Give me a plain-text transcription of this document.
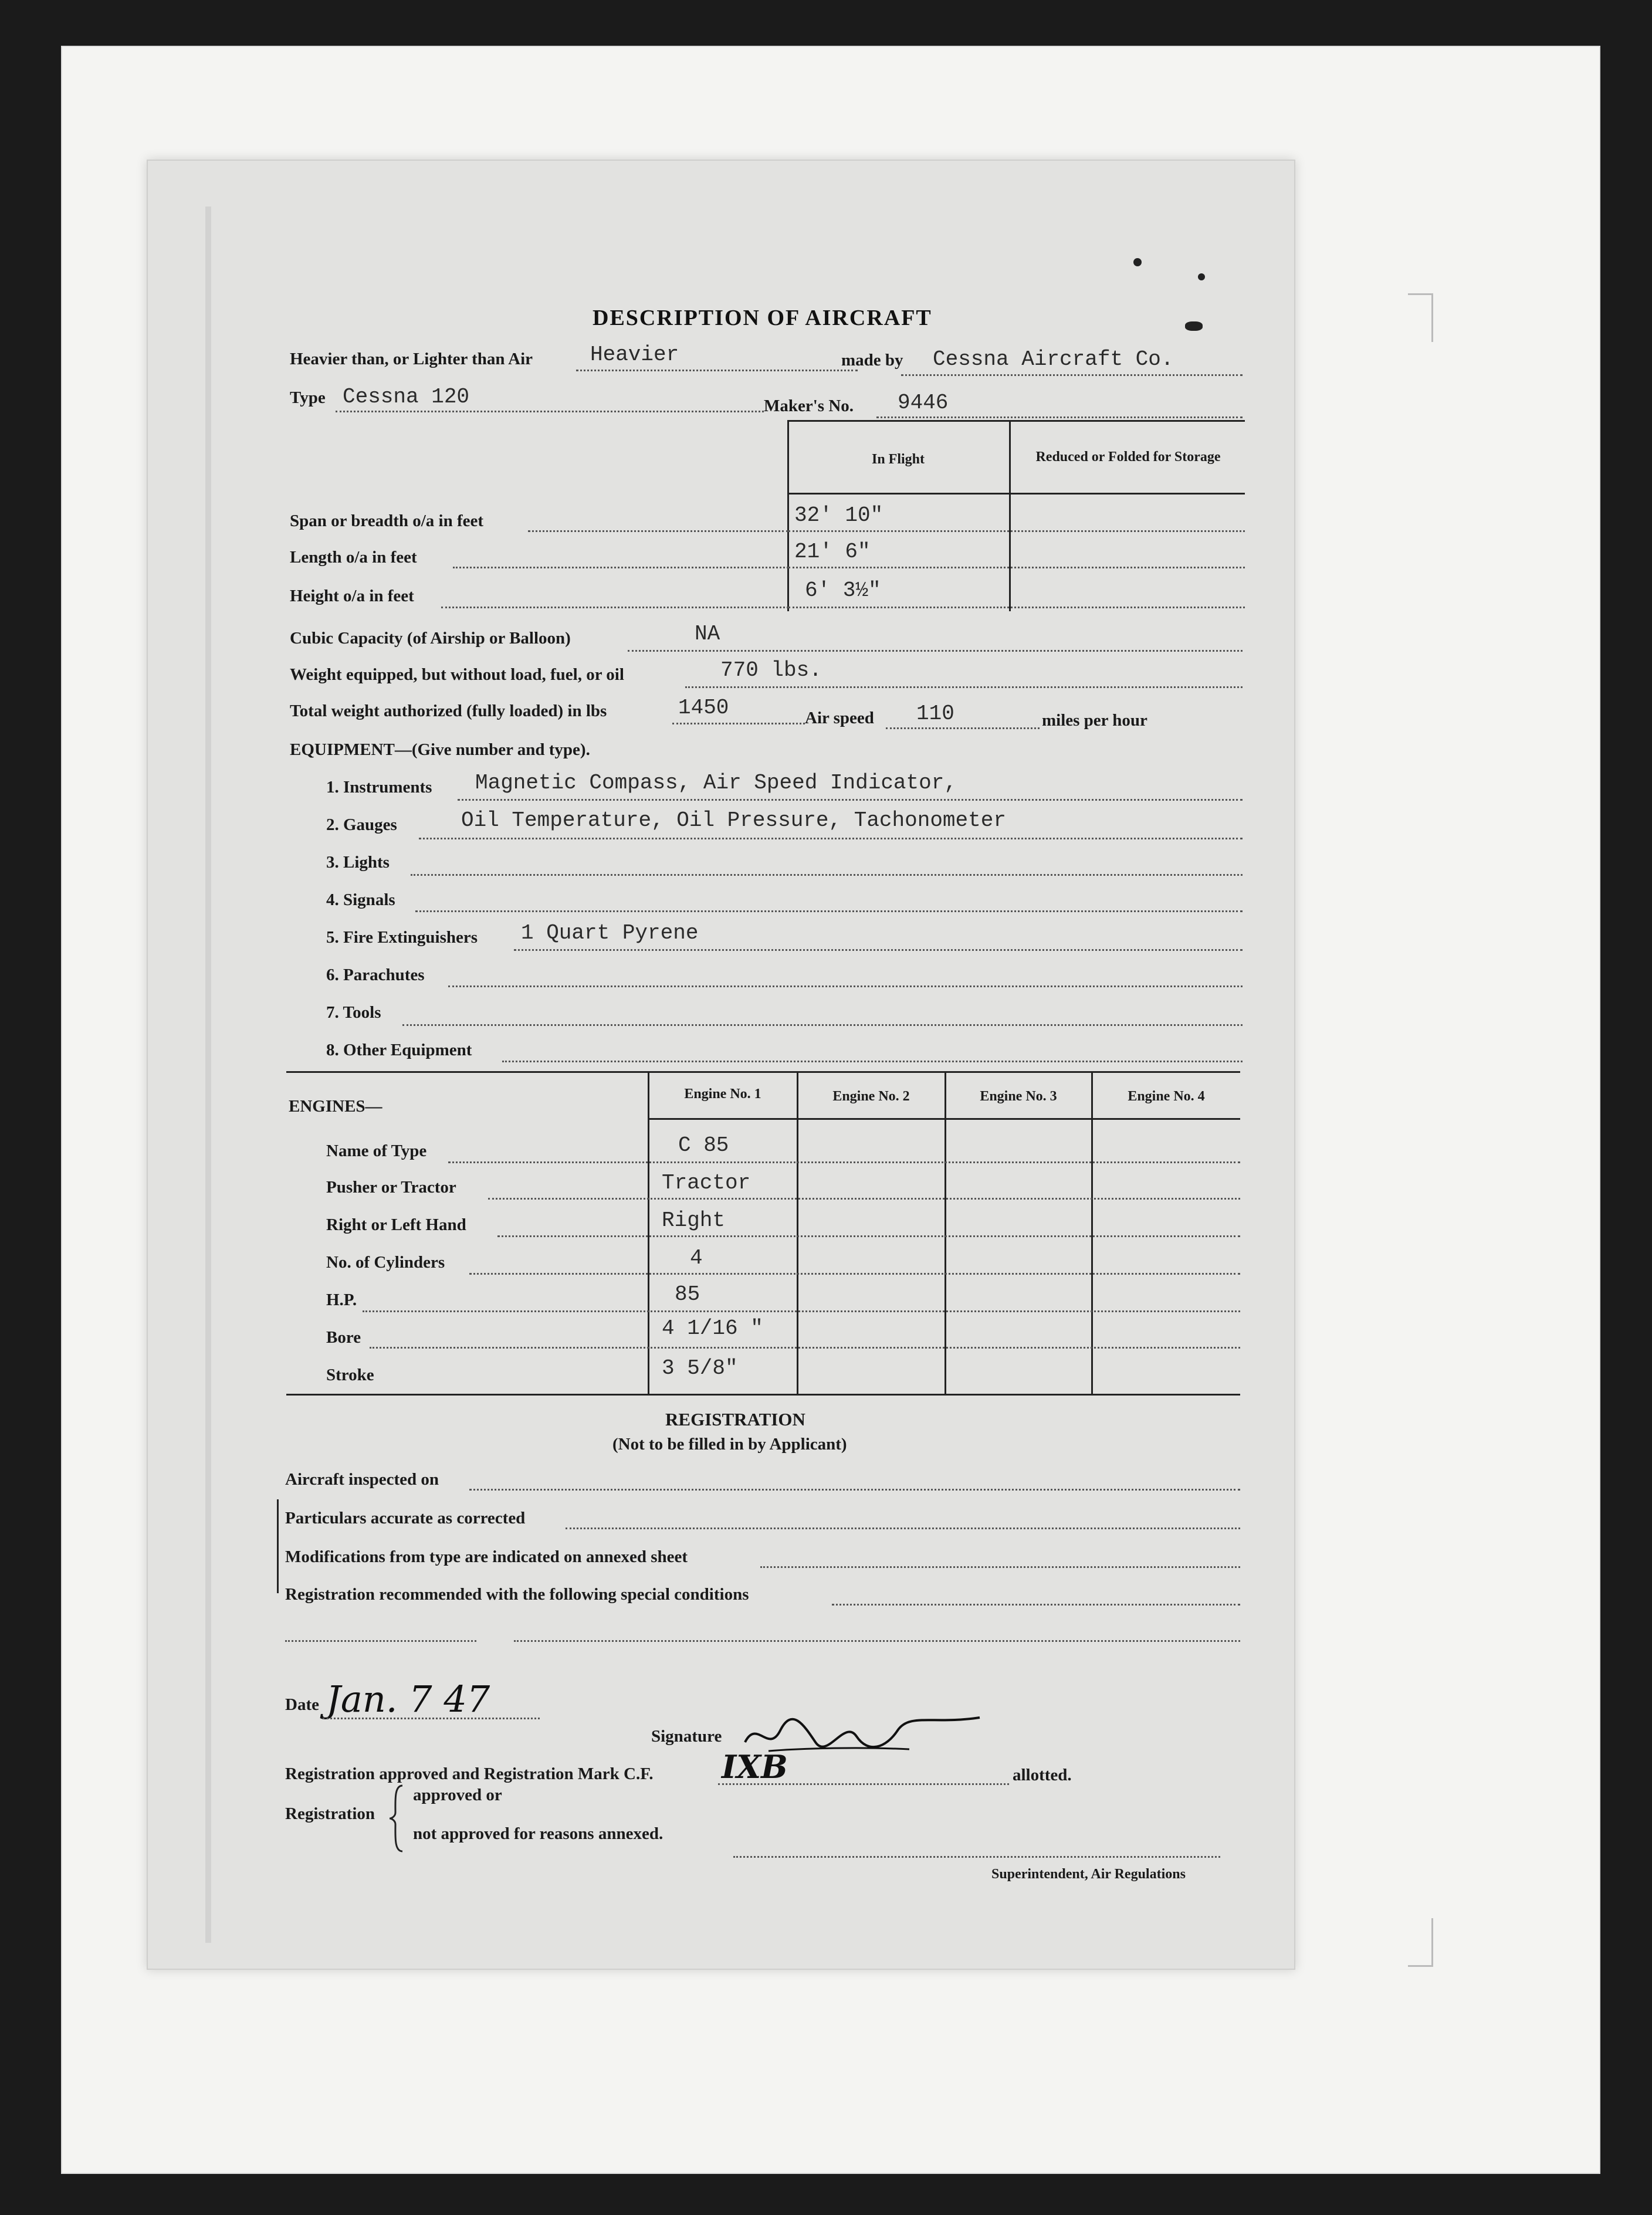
DESCRIPTION OF AIRCRAFT
Heavier than, or Lighter than Air	Heavier	made by Cessna Aircraft Co.
Type Cessna 120	Maker's No. 9446
In Flight	Reduced or Folded for Storage
Span or breadth o/a in feet	32' 10"
Length o/a in feet	21' 6"
Height o/a in feet	6' 3½"
Cubic Capacity (of Airship or Balloon)	NA
Weight equipped, but without load, fuel, or oil	770 lbs.
Total weight authorized (fully loaded) in lbs	1450	Air speed 110	miles per hour
EQUIPMENT—(Give number and type).
1. Instruments Magnetic Compass, Air Speed Indicator,
2. Gauges	Oil Temperature, Oil Pressure, Tachonometer
3. Lights
4. Signals
5. Fire Extinguishers 1 Quart Pyrene
6. Parachutes
7. Tools
8. Other Equipment
ENGINES—
Engine No. 1	Engine No. 2	Engine No. 3	Engine No. 4
Name of Type	C 85
Pusher or Tractor	Tractor
Right or Left Hand	Right
No. of Cylinders	4
H.P.	85
Bore	4 1/16 "
Stroke	3 5/8"
REGISTRATION
(Not to be filled in by Applicant)
Aircraft inspected on
Particulars accurate as corrected
Modifications from type are indicated on annexed sheet
Registration recommended with the following special conditions
Date Jan. 7 47
Signature
Registration approved and Registration Mark C.F. IXB	allotted.
Registration
approved or
not approved for reasons annexed.
Superintendent, Air Regulations
